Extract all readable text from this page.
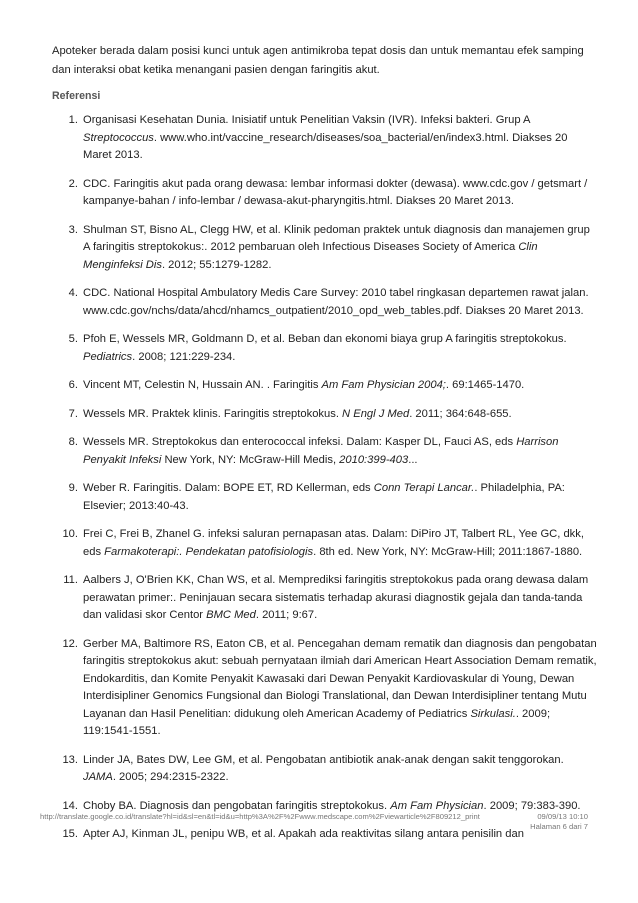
Apoteker berada dalam posisi kunci untuk agen antimikroba tepat dosis dan untuk memantau efek samping dan interaksi obat ketika menangani pasien dengan faringitis akut.

Referensi

1. Organisasi Kesehatan Dunia. Inisiatif untuk Penelitian Vaksin (IVR). Infeksi bakteri. Grup A Streptococcus. www.who.int/vaccine_research/diseases/soa_bacterial/en/index3.html. Diakses 20 Maret 2013.
2. CDC. Faringitis akut pada orang dewasa: lembar informasi dokter (dewasa). www.cdc.gov / getsmart / kampanye-bahan / info-lembar / dewasa-akut-pharyngitis.html. Diakses 20 Maret 2013.
3. Shulman ST, Bisno AL, Clegg HW, et al. Klinik pedoman praktek untuk diagnosis dan manajemen grup A faringitis streptokokus:. 2012 pembaruan oleh Infectious Diseases Society of America Clin Menginfeksi Dis. 2012; 55:1279-1282.
4. CDC. National Hospital Ambulatory Medis Care Survey: 2010 tabel ringkasan departemen rawat jalan. www.cdc.gov/nchs/data/ahcd/nhamcs_outpatient/2010_opd_web_tables.pdf. Diakses 20 Maret 2013.
5. Pfoh E, Wessels MR, Goldmann D, et al. Beban dan ekonomi biaya grup A faringitis streptokokus. Pediatrics. 2008; 121:229-234.
6. Vincent MT, Celestin N, Hussain AN. . Faringitis Am Fam Physician 2004;. 69:1465-1470.
7. Wessels MR. Praktek klinis. Faringitis streptokokus. N Engl J Med. 2011; 364:648-655.
8. Wessels MR. Streptokokus dan enterococcal infeksi. Dalam: Kasper DL, Fauci AS, eds Harrison Penyakit Infeksi New York, NY: McGraw-Hill Medis, 2010:399-403...
9. Weber R. Faringitis. Dalam: BOPE ET, RD Kellerman, eds Conn Terapi Lancar.. Philadelphia, PA: Elsevier; 2013:40-43.
10. Frei C, Frei B, Zhanel G. infeksi saluran pernapasan atas. Dalam: DiPiro JT, Talbert RL, Yee GC, dkk, eds Farmakoterapi:. Pendekatan patofisiologis. 8th ed. New York, NY: McGraw-Hill; 2011:1867-1880.
11. Aalbers J, O'Brien KK, Chan WS, et al. Memprediksi faringitis streptokokus pada orang dewasa dalam perawatan primer:. Peninjauan secara sistematis terhadap akurasi diagnostik gejala dan tanda-tanda dan validasi skor Centor BMC Med. 2011; 9:67.
12. Gerber MA, Baltimore RS, Eaton CB, et al. Pencegahan demam rematik dan diagnosis dan pengobatan faringitis streptokokus akut: sebuah pernyataan ilmiah dari American Heart Association Demam rematik, Endokarditis, dan Komite Penyakit Kawasaki dari Dewan Penyakit Kardiovaskular di Young, Dewan Interdisipliner Genomics Fungsional dan Biologi Translational, dan Dewan Interdisipliner tentang Mutu Layanan dan Hasil Penelitian: didukung oleh American Academy of Pediatrics Sirkulasi.. 2009; 119:1541-1551.
13. Linder JA, Bates DW, Lee GM, et al. Pengobatan antibiotik anak-anak dengan sakit tenggorokan. JAMA. 2005; 294:2315-2322.
14. Choby BA. Diagnosis dan pengobatan faringitis streptokokus. Am Fam Physician. 2009; 79:383-390.
15. Apter AJ, Kinman JL, penipu WB, et al. Apakah ada reaktivitas silang antara penisilin dan
http://translate.google.co.id/translate?hl=id&sl=en&tl=id&u=http%3A%2F%2Fwww.medscape.com%2Fviewarticle%2F809212_print	09/09/13 10:10
Halaman 6 dari 7
